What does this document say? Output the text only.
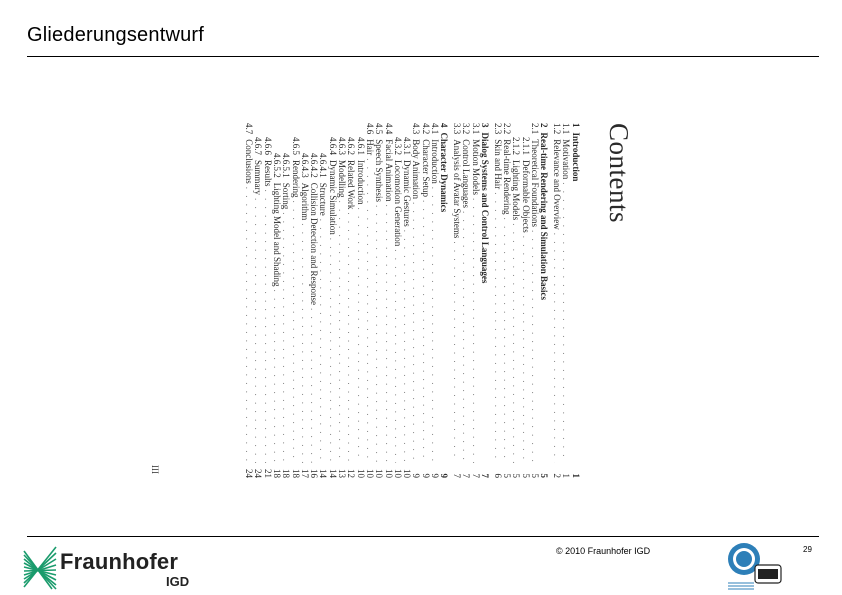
Gliederungsentwurf
Contents
1
Introduction
1
1.1
Motivation
. . .
1
1.2
Relevance and Overview
. . .
2
2
Real-time Rendering and Simulation Basics
5
2.1
Theoretical Foundations
. . .
5
2.1.1
Deformable Objects
. . .
5
2.1.2
Lighting Models
. . .
5
2.2
Real-time Rendering
. . .
5
2.3
Skin and Hair
. . .
6
3
Dialog Systems and Control Languages
7
3.1
Motion Models
. . .
7
3.2
Control Languages
. . .
7
3.3
Analysis of Avatar Systems
. . .
7
4
Character Dynamics
9
4.1
Introduction
. . .
9
4.2
Character Setup
. . .
9
4.3
Body Animation
. . .
9
4.3.1
Dynamic Gestures
. . .
10
4.3.2
Locomotion Generation
. . .
10
4.4
Facial Animation
. . .
10
4.5
Speech Synthesis
. . .
10
4.6
Hair
. . .
10
4.6.1
Introduction
. . .
10
4.6.2
Related Work
. . .
12
4.6.3
Modelling
. . .
13
4.6.4
Dynamic Simulation
. . .
14
4.6.4.1
Structure
. . .
14
4.6.4.2
Collision Detection and Response
. . .
16
4.6.4.3
Algorithm
. . .
17
4.6.5
Rendering
. . .
18
4.6.5.1
Sorting
. . .
18
4.6.5.2
Lighting Model and Shading
. . .
18
4.6.6
Results
. . .
21
4.6.7
Summary
. . .
24
4.7
Conclusions
. . .
24
III
Fraunhofer
IGD
© 2010 Fraunhofer IGD	29
